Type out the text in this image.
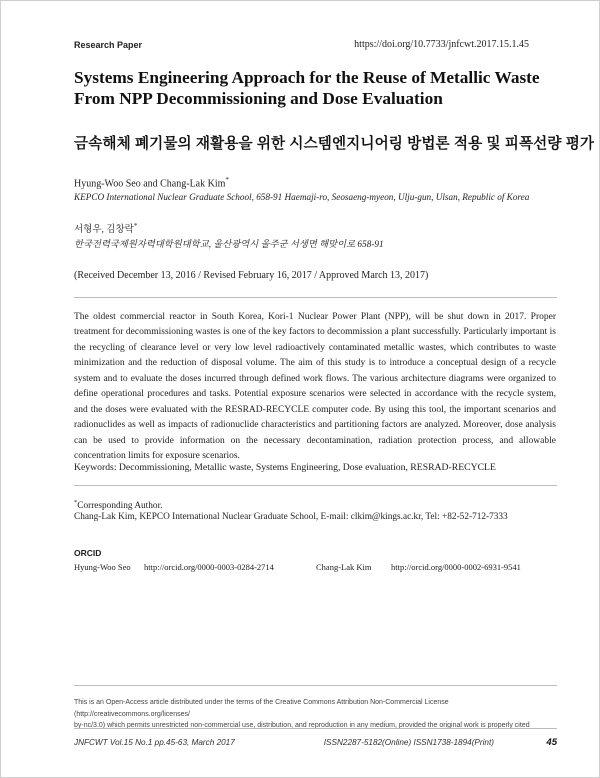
Research Paper	https://doi.org/10.7733/jnfcwt.2017.15.1.45
Systems Engineering Approach for the Reuse of Metallic Waste
From NPP Decommissioning and Dose Evaluation
금속해체 폐기물의 재활용을 위한 시스템엔지니어링 방법론 적용 및 피폭선량 평가
Hyung-Woo Seo and Chang-Lak Kim*
KEPCO International Nuclear Graduate School, 658-91 Haemaji-ro, Seosaeng-myeon, Ulju-gun, Ulsan, Republic of Korea
서형우, 김창락*
한국전력국제원자력대학원대학교, 울산광역시 울주군 서생면 해맞이로 658-91
(Received December 13, 2016 / Revised February 16, 2017 / Approved March 13, 2017)
The oldest commercial reactor in South Korea, Kori-1 Nuclear Power Plant (NPP), will be shut down in 2017. Proper treatment for decommissioning wastes is one of the key factors to decommission a plant successfully. Particularly important is the recycling of clearance level or very low level radioactively contaminated metallic wastes, which contributes to waste minimization and the reduction of disposal volume. The aim of this study is to introduce a conceptual design of a recycle system and to evaluate the doses incurred through defined work flows. The various architecture diagrams were organized to define operational procedures and tasks. Potential exposure scenarios were selected in accordance with the recycle system, and the doses were evaluated with the RESRAD-RECYCLE computer code. By using this tool, the important scenarios and radionuclides as well as impacts of radionuclide characteristics and partitioning factors are analyzed. Moreover, dose analysis can be used to provide information on the necessary decontamination, radiation protection process, and allowable concentration limits for exposure scenarios.
Keywords: Decommissioning, Metallic waste, Systems Engineering, Dose evaluation, RESRAD-RECYCLE
*Corresponding Author.
Chang-Lak Kim, KEPCO International Nuclear Graduate School, E-mail: clkim@kings.ac.kr, Tel: +82-52-712-7333
ORCID
Hyung-Woo Seo http://orcid.org/0000-0003-0284-2714	Chang-Lak Kim http://orcid.org/0000-0002-6931-9541
This is an Open-Access article distributed under the terms of the Creative Commons Attribution Non-Commercial License (http://creativecommons.org/licenses/
by-nc/3.0) which permits unrestricted non-commercial use, distribution, and reproduction in any medium, provided the original work is properly cited
JNFCWT Vol.15 No.1 pp.45-63, March 2017	ISSN2287-5182(Online) ISSN1738-1894(Print)	45
